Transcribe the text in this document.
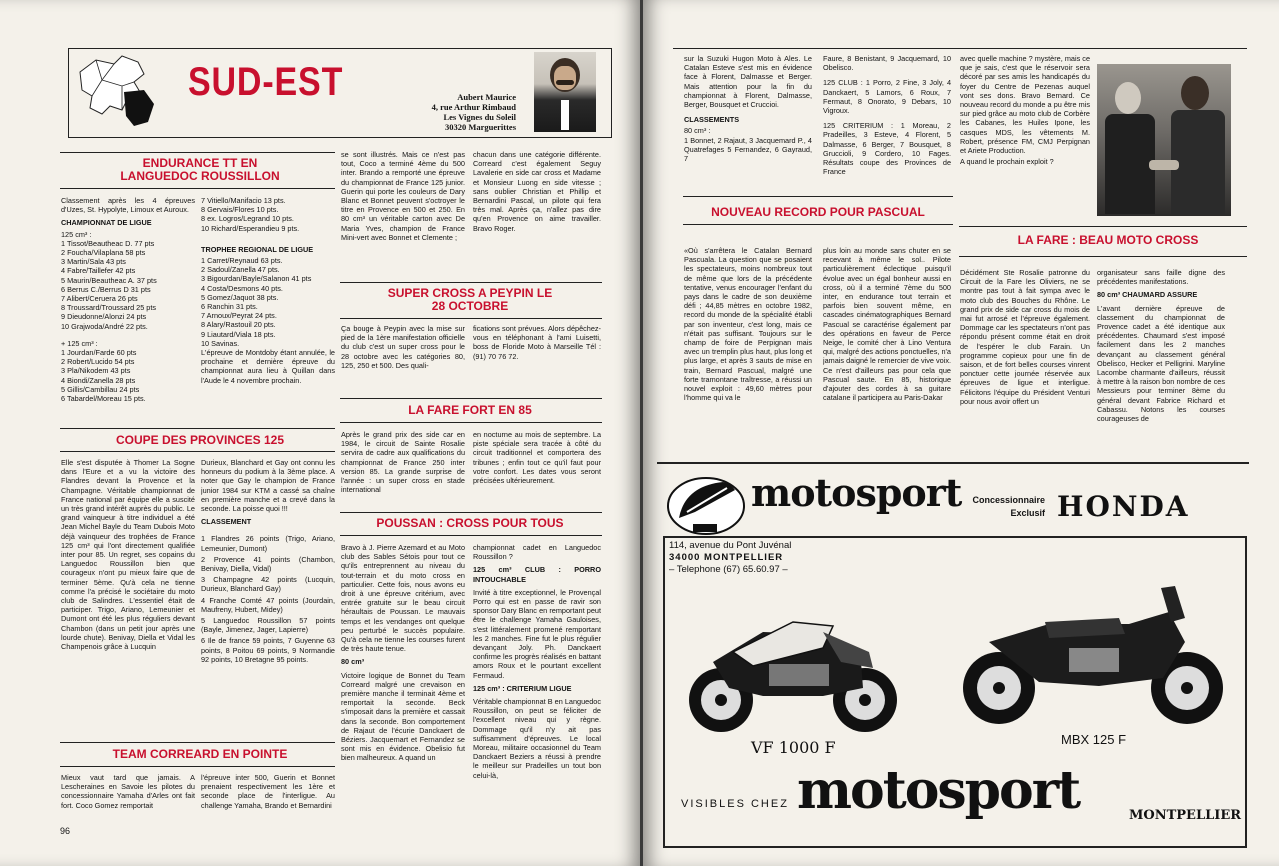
SUD-EST	Aubert Maurice
4, rue Arthur Rimbaud
Les Vignes du Soleil
30320 Marguerittes
ENDURANCE TT EN LANGUEDOC ROUSSILLON

Classement après les 4 épreuves d'Uzes, St. Hypolyte, Limoux et Auroux.

CHAMPIONNAT DE LIGUE

125 cm³ :
1 Tissot/Beautheac D. 77 pts
2 Foucha/Vilaplana 58 pts
3 Martin/Sala 43 pts
4 Fabre/Taillefer 42 pts
5 Maurin/Beautheac A. 37 pts
6 Berrus C./Berrus D 31 pts
7 Alibert/Ceruera 26 pts
8 Troussard/Troussard 25 pts
9 Dieudonne/Alonzi 24 pts
10 Grajwoda/André 22 pts.
+ 125 cm³ :
1 Jourdan/Farde 60 pts
2 Robert/Lucido 54 pts
3 Pla/Nikodem 43 pts
4 Biondi/Zanella 28 pts
5 Gillis/Cambillau 24 pts
6 Tabardel/Moreau 15 pts.
7 Vitiello/Manifacio 13 pts.
8 Gervais/Flores 10 pts.
8 ex. Logros/Legrand 10 pts.
10 Richard/Esperandieu 9 pts.

TROPHEE REGIONAL DE LIGUE

1 Carret/Reynaud 63 pts.
2 Sadoul/Zanella 47 pts.
3 Bigourdan/Bayle/Salanon 41 pts
4 Costa/Desmons 40 pts.
5 Gomez/Jaquot 38 pts.
6 Ranchin 31 pts.
7 Arnoux/Peyrat 24 pts.
8 Alary/Rastouil 20 pts.
9 Liautard/Viala 18 pts.
10 Savinas.

L'épreuve de Montdoby étant annulée, le prochaine et dernière épreuve du championnat aura lieu à Quillan dans l'Aude le 4 novembre prochain.

se sont illustrés. Mais ce n'est pas tout, Coco a terminé 4ème du 500 inter. Brando a remporté une épreuve du championnat de France 125 junior. Guerin qui porte les couleurs de Dary Blanc et Bonnet peuvent s'octroyer le titre en Provence en 500 et 250. En 80 cm³ un véritable carton avec De Maria Yves, champion de France Mini-vert avec Bonnet et Clemente ;
chacun dans une catégorie différente. Correard c'est également Seguy Lavalerie en side car cross et Madame et Monsieur Luong en side vitesse ; sans oublier Christian et Phillip et Bernardini Pascal, un pilote qui fera très mal. Après ça, n'allez pas dire qu'en Provence on aime travailler. Bravo Roger.
SUPER CROSS A PEYPIN LE 28 OCTOBRE
Ça bouge à Peypin avec la mise sur pied de la 1ère manifestation officielle du club c'est un super cross pour le 28 octobre avec les catégories 80, 125, 250 et 500. Des quali-
fications sont prévues. Alors dépêchez-vous en téléphonant à l'ami Luisetti, boss de Floride Moto à Marseille Tél : (91) 70 76 72.
LA FARE FORT EN 85
Après le grand prix des side car en 1984, le circuit de Sainte Rosalie servira de cadre aux qualifications du championnat de France 250 inter version 85. La grande surprise de l'année : un super cross en stade international
en nocturne au mois de septembre. La piste spéciale sera tracée à côté du circuit traditionnel et comportera des tribunes ; enfin tout ce qu'il faut pour votre confort. Les dates vous seront précisées ultérieurement.
COUPE DES PROVINCES 125
Elle s'est disputée à Thomer La Sogne dans l'Eure et a vu la victoire des Flandres devant la Provence et la Champagne. Véritable championnat de France national par équipe elle a suscité un très grand intérêt auprès du public. Le grand vainqueur à titre individuel a été Jean Michel Bayle du Team Dubois Moto déjà vainqueur des trophées de France 125 cm³ qui l'ont directement qualifiée inter pour 85. Un regret, ses copains du Languedoc Roussillon bien que courageux n'ont pu mieux faire que de terminer 5ème. Qu'à cela ne tienne comme l'a précisé le sociétaire du moto club de Salindres. L'essentiel était de participer. Trigo, Ariano, Lemeunier et Dumont ont été les plus réguliers devant Chambon (dans un petit jour après une lourde chute). Benivay, Diella et Vidal les Champenois grâce à Lucquin

Durieux, Blanchard et Gay ont connu les honneurs du podium à la 3ème place. A noter que Gay le champion de France junior 1984 sur KTM a cassé sa chaîne en première manche et a crevé dans la seconde. La poisse quoi !!!

CLASSEMENT

1 Flandres 26 points (Trigo, Ariano, Lemeunier, Dumont)

2 Provence 41 points (Chambon, Benivay, Diella, Vidal)

3 Champagne 42 points (Lucquin, Durieux, Blanchard Gay)

4 Franche Comté 47 points (Jourdain, Maufreny, Hubert, Midey)

5 Languedoc Roussillon 57 points (Bayle, Jimenez, Jager, Lapierre)

6 Ile de france 59 points, 7 Guyenne 63 points, 8 Poitou 69 points, 9 Normandie 92 points, 10 Bretagne 95 points.

POUSSAN : CROSS POUR TOUS

Bravo à J. Pierre Azemard et au Moto club des Sables Sétois pour tout ce qu'ils entreprennent au niveau du tout-terrain et du moto cross en particulier. Cette fois, nous avons eu droit à une épreuve critérium, avec entrée gratuite sur le beau circuit héraultais de Poussan. Le mauvais temps et les vendanges ont quelque peu perturbé le succès populaire. Qu'à cela ne tienne les courses furent de très haute tenue.

80 cm³

Victoire logique de Bonnet du Team Correard malgré une crevaison en première manche il terminait 4ème et remportait la seconde. Beck s'imposait dans la première et cassait dans la seconde. Bon comportement de Rajaut de l'écurie Danckaert de Béziers. Jacquemart et Fernandez se sont mis en évidence. Obelisio fut bien malheureux. A quand un

championnat cadet en Languedoc Roussillon ?

125 cm³ CLUB : PORRO INTOUCHABLE

Invité à titre exceptionnel, le Provençal Porro qui est en passe de ravir son sponsor Dary Blanc en remportant peut être le challenge Yamaha Gauloises, s'est littéralement promené remportant les 2 manches. Fine fut le plus régulier devançant Joly. Ph. Danckaert confirme les progrès réalisés en battant amors Roux et le pourtant excellent Fermaud.

125 cm³ : CRITERIUM LIGUE

Véritable championnat B en Languedoc Roussillon, on peut se féliciter de l'excellent niveau qui y règne. Dommage qu'il n'y ait pas suffisamment d'épreuves. Le local Moreau, militaire occasionnel du Team Danckaert Beziers a réussi à prendre le meilleur sur Pradeilles un tout bon celui-là,

TEAM CORREARD EN POINTE
Mieux vaut tard que jamais. A Lescheraines en Savoie les pilotes du concessionnaire Yamaha d'Arles ont fait fort. Coco Gomez remportait
l'épreuve inter 500, Guerin et Bonnet prenaient respectivement les 1ère et seconde place de l'interligue. Au challenge Yamaha, Brando et Bernardini
96

sur la Suzuki Hugon Moto à Ales. Le Catalan Esteve s'est mis en évidence face à Florent, Dalmasse et Berger. Mais attention pour la fin du championnat à Florent, Dalmasse, Berger, Bousquet et Cruccioi.

CLASSEMENTS

80 cm³ :

1 Bonnet, 2 Rajaut, 3 Jacquemard P., 4 Quatrefages 5 Fernandez, 6 Gayraud, 7

Faure, 8 Benistant, 9 Jacquemard, 10 Obelisco.

125 CLUB : 1 Porro, 2 Fine, 3 Joly, 4 Danckaert, 5 Lamors, 6 Roux, 7 Fermaut, 8 Onorato, 9 Debars, 10 Vigroux.

125 CRITERIUM : 1 Moreau, 2 Pradeilles, 3 Esteve, 4 Florent, 5 Dalmasse, 6 Berger, 7 Bousquet, 8 Gruccioli, 9 Cordero, 10 Fages. Résultats coupe des Provinces de France

avec quelle machine ? mystère, mais ce que je sais, c'est que le réservoir sera décoré par ses amis les handicapés du foyer du Centre de Pezenas auquel vont ses dons. Bravo Bernard. Ce nouveau record du monde a pu être mis sur pied grâce au moto club de Corbère les Cabanes, les Huiles Ipone, les casques MDS, les vêtements M. Robert, présence FM, CMJ Perpignan et Ariete Production.

A quand le prochain exploit ?

NOUVEAU RECORD POUR PASCUAL
«Où s'arrêtera le Catalan Bernard Pascuala. La question que se posaient les spectateurs, moins nombreux tout de même que lors de la précédente tentative, venus encourager l'enfant du pays dans le cadre de son deuxième défi ; 44,85 mètres en octobre 1982, record du monde de la spécialité établi par son inventeur, c'est long, mais ce n'était pas suffisant. Toujours sur le champ de foire de Perpignan mais avec un tremplin plus haut, plus long et plus large, et après 3 sauts de mise en train, Bernard Pascual, malgré une forte tramontane traîtresse, a réussi un nouvel exploit : 49,60 mètres pour l'homme qui va le
plus loin au monde sans chuter en se recevant à même le sol.. Pilote particulièrement éclectique puisqu'il évolue avec un égal bonheur aussi en cross, où il a terminé 7ème du 500 inter, en endurance tout terrain et parfois bien souvent même, en cascades cinématographiques Bernard Pascual se caractérise également par des opérations en faveur de Perce Neige, le comité cher à Lino Ventura qui, malgré des actions ponctuelles, n'a jamais daigné le remercier de vive voix. Ce n'est d'ailleurs pas pour cela que Pascual saute. En 85, historique d'ajouter des cordes à sa guitare catalane il participera au Paris-Dakar
LA FARE : BEAU MOTO CROSS
Décidément Ste Rosalie patronne du Circuit de la Fare les Oliviers, ne se montre pas tout à fait sympa avec le moto club des Bouches du Rhône. Le grand prix de side car cross du mois de mai fut arrosé et l'épreuve également. Dommage car les spectateurs n'ont pas répondu présent comme était en droit de l'espérer le club Farain. Un programme copieux pour une fin de saison, et de fort belles courses vinrent ponctuer cette journée réservée aux épreuves de ligue et interligue. Félicitons l'équipe du Président Venturi pour nous avoir offert un

organisateur sans faille digne des précédentes manifestations.

80 cm³ CHAUMARD ASSURE

L'avant dernière épreuve de classement du championnat de Provence cadet a été identique aux précédentes. Chaumard s'est imposé facilement dans les 2 manches devançant au classement général Obelisco, Hecker et Pelligrini. Maryline Lacombe charmante d'ailleurs, réussit à mettre à la raison bon nombre de ces Messieurs pour terminer 8ème du général devant Fabrice Richard et Cabassu. Notons les courses courageuses de

motosport	Concessionnaire
Exclusif HONDA
114, avenue du Pont Juvénal
34000 MONTPELLIER
– Telephone (67) 65.60.97 –
VF 1000 F	MBX 125 F
VISIBLES CHEZ motosport	MONTPELLIER
